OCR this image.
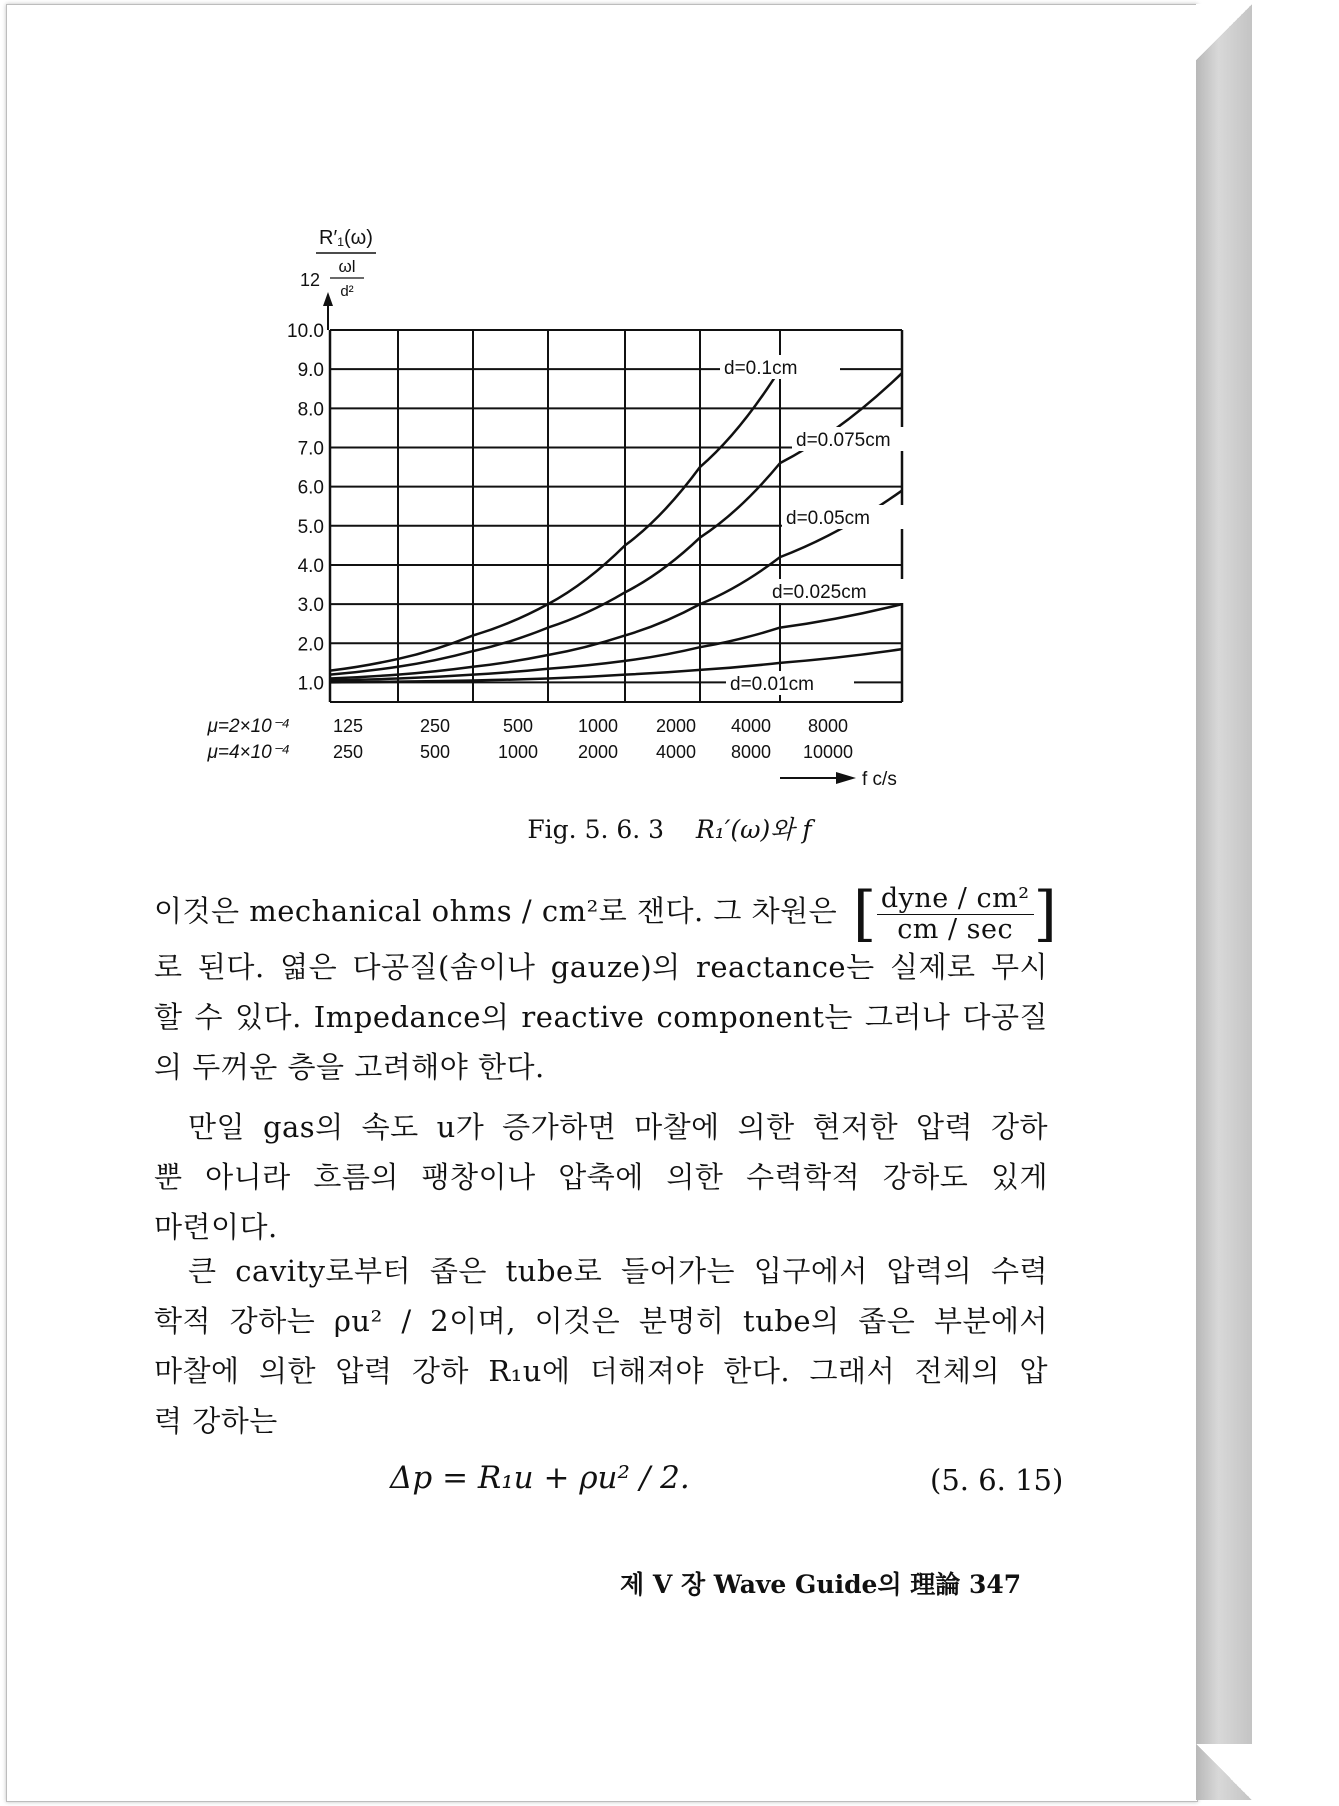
R′₁(ω)
12
ωl
d²
10.0
9.0
8.0
7.0
6.0
5.0
4.0
3.0
2.0
1.0
d=0.1cm
d=0.075cm
d=0.05cm
d=0.025cm
d=0.01cm
μ=2×10⁻⁴ 125	250	500 1000 2000 4000 8000
μ=4×10⁻⁴ 250	500	1000 2000 4000 8000 10000
f c/s
Fig. 5. 6. 3 R₁′(ω)와 f
이것은 mechanical ohms / cm²로 잰다. 그 차원은 [ $\frac{\text{dyne / cm²}}{cm / \sec}$ ]
로 된다. 엷은 다공질(솜이나 gauze)의 reactance는 실제로 무시
할 수 있다. Impedance의 reactive component는 그러나 다공질
의 두꺼운 층을 고려해야 한다.
만일 gas의 속도 u가 증가하면 마찰에 의한 현저한 압력 강하
뿐 아니라 흐름의 팽창이나 압축에 의한 수력학적 강하도 있게
마련이다.
큰 cavity로부터 좁은 tube로 들어가는 입구에서 압력의 수력
학적 강하는 ρu² / 2이며, 이것은 분명히 tube의 좁은 부분에서
마찰에 의한 압력 강하 R₁u에 더해져야 한다. 그래서 전체의 압
력 강하는
Δp = R₁u + ρu² / 2.	(5. 6. 15)
제 V 장 Wave Guide의 理論 347
